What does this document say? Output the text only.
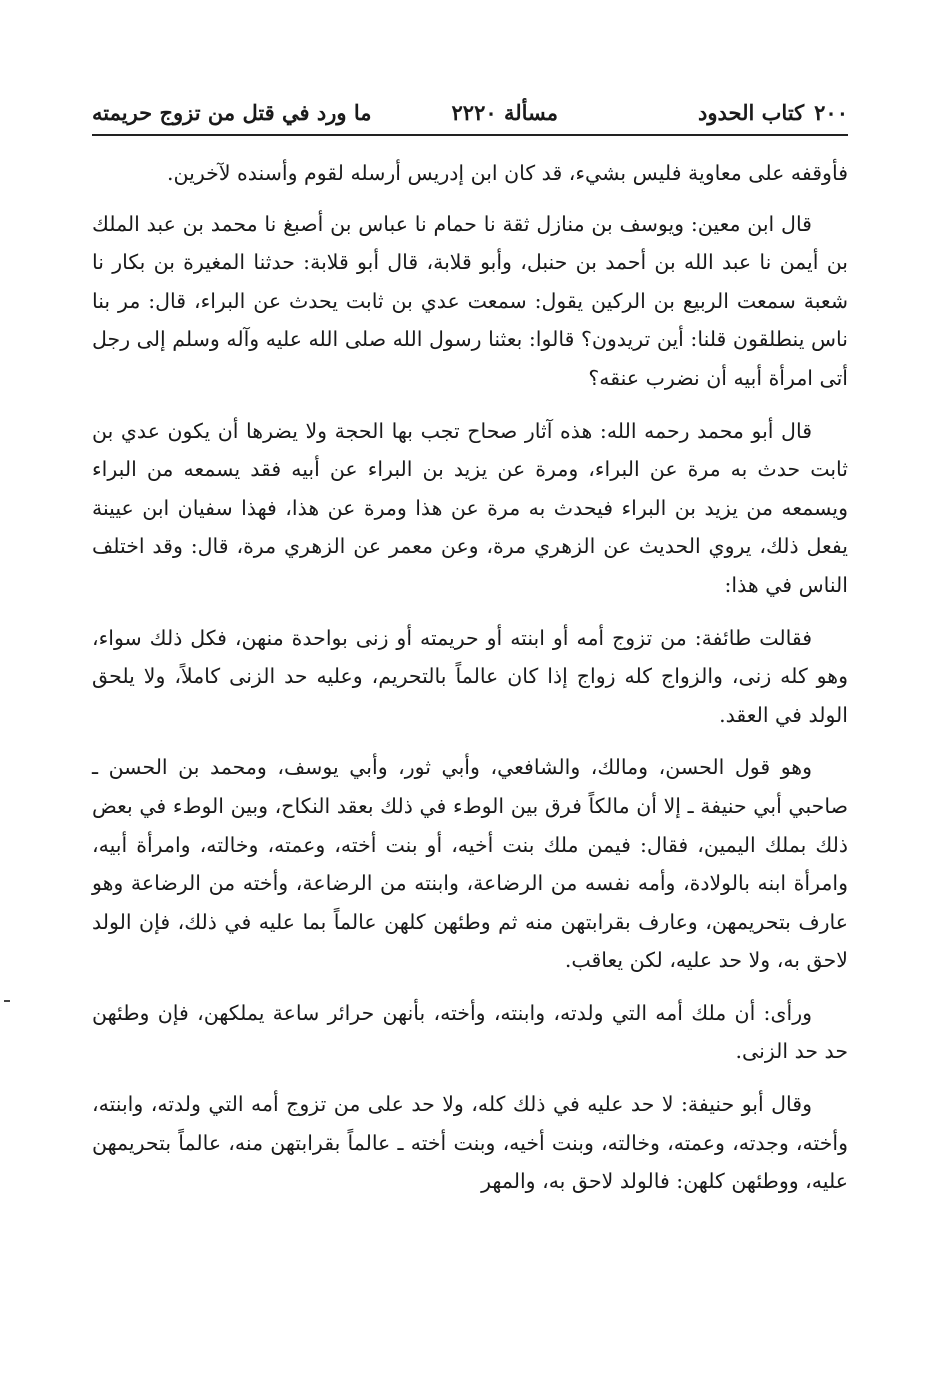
٢٠٠
كتاب الحدود
مسألة ٢٢٢٠
ما ورد في قتل من تزوج حريمته

فأوقفه على معاوية فليس بشيء، قد كان ابن إدريس أرسله لقوم وأسنده لآخرين.

قال ابن معين: ويوسف بن منازل ثقة نا حمام نا عباس بن أصبغ نا محمد بن عبد الملك بن أيمن نا عبد الله بن أحمد بن حنبل، وأبو قلابة، قال أبو قلابة: حدثنا المغيرة بن بكار نا شعبة سمعت الربيع بن الركين يقول: سمعت عدي بن ثابت يحدث عن البراء، قال: مر بنا ناس ينطلقون قلنا: أين تريدون؟ قالوا: بعثنا رسول الله صلى الله عليه وآله وسلم إلى رجل أتى امرأة أبيه أن نضرب عنقه؟

قال أبو محمد رحمه الله: هذه آثار صحاح تجب بها الحجة ولا يضرها أن يكون عدي بن ثابت حدث به مرة عن البراء، ومرة عن يزيد بن البراء عن أبيه فقد يسمعه من البراء ويسمعه من يزيد بن البراء فيحدث به مرة عن هذا ومرة عن هذا، فهذا سفيان ابن عيينة يفعل ذلك، يروي الحديث عن الزهري مرة، وعن معمر عن الزهري مرة، قال: وقد اختلف الناس في هذا:

فقالت طائفة: من تزوج أمه أو ابنته أو حريمته أو زنى بواحدة منهن، فكل ذلك سواء، وهو كله زنى، والزواج كله زواج إذا كان عالماً بالتحريم، وعليه حد الزنى كاملاً، ولا يلحق الولد في العقد.

وهو قول الحسن، ومالك، والشافعي، وأبي ثور، وأبي يوسف، ومحمد بن الحسن ـ صاحبي أبي حنيفة ـ إلا أن مالكاً فرق بين الوطء في ذلك بعقد النكاح، وبين الوطء في بعض ذلك بملك اليمين، فقال: فيمن ملك بنت أخيه، أو بنت أخته، وعمته، وخالته، وامرأة أبيه، وامرأة ابنه بالولادة، وأمه نفسه من الرضاعة، وابنته من الرضاعة، وأخته من الرضاعة وهو عارف بتحريمهن، وعارف بقرابتهن منه ثم وطئهن كلهن عالماً بما عليه في ذلك، فإن الولد لاحق به، ولا حد عليه، لكن يعاقب.

ورأى: أن ملك أمه التي ولدته، وابنته، وأخته، بأنهن حرائر ساعة يملكهن، فإن وطئهن حد حد الزنى.

وقال أبو حنيفة: لا حد عليه في ذلك كله، ولا حد على من تزوج أمه التي ولدته، وابنته، وأخته، وجدته، وعمته، وخالته، وبنت أخيه، وبنت أخته ـ عالماً بقرابتهن منه، عالماً بتحريمهن عليه، ووطئهن كلهن: فالولد لاحق به، والمهر
